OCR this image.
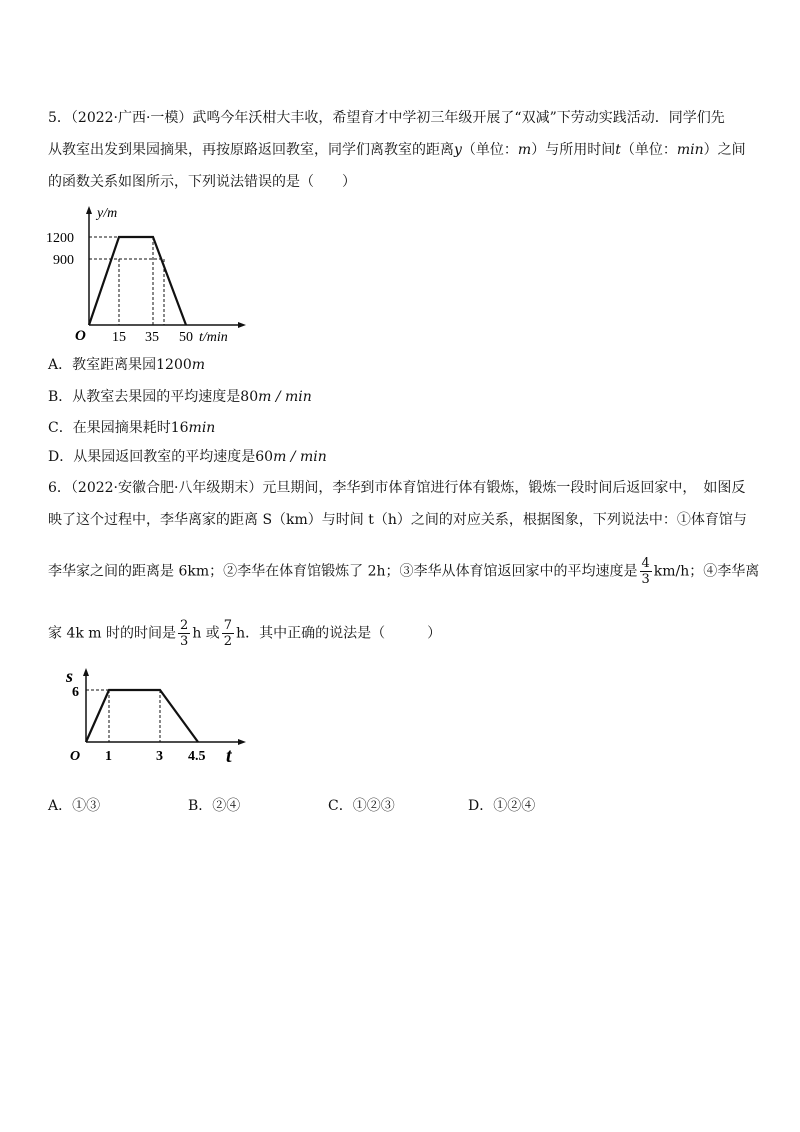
5．（2022·广西·一模）武鸣今年沃柑大丰收，希望育才中学初三年级开展了“双减”下劳动实践活动．同学们先
从教室出发到果园摘果，再按原路返回教室，同学们离教室的距离y（单位：m）与所用时间t（单位：min）之间
的函数关系如图所示，下列说法错误的是（　　）
y/m
1200
900
O 15 35 50 t/min
A．教室距离果园1200m
B．从教室去果园的平均速度是80m / min
C．在果园摘果耗时16min
D．从果园返回教室的平均速度是60m / min
6．（2022·安徽合肥·八年级期末）元旦期间，李华到市体育馆进行体有锻炼，锻炼一段时间后返回家中，　如图反
映了这个过程中，李华离家的距离 S（km）与时间 t（h）之间的对应关系，根据图象，下列说法中：①体育馆与
李华家之间的距离是 6km；②李华在体育馆锻炼了 2h；③李华从体育馆返回家中的平均速度是 $\frac{4}{3} km/h$；④李华离
家 4k m 时的时间是 $\frac{2}{3}$ h 或 $\frac{7}{2}$ h．其中正确的说法是（　　　）
s
6
O 1	3 4.5 t
A．①③	B．②④	C．①②③	D．①②④
